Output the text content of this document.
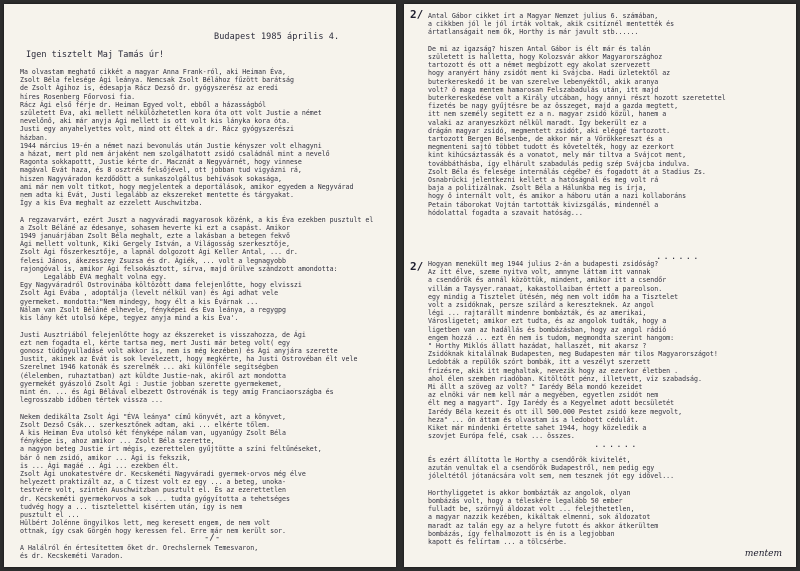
Budapest 1985 április 4.
Igen tisztelt Maj Tamás úr!
Ma olvastam meghatő cikkét a magyar Anna Frank-ról, aki Heiman Éva,
Zsolt Béla felesége Ági leánya. Nemcsak Zsolt Bélához fűzött barátság
de Zsolt Ágihoz is, édesapja Rácz Dezső dr. gyógyszerész az eredi
híres Rosenberg Főorvosi fia.
Rácz Ági első férje dr. Heiman Egyed volt, ebből a házasságból
született Éva, aki mellett nélkülözhetetlen kora óta ott volt Justie a német
nevelőnő, aki már anyja Ági mellett is ott volt kis lányka kora óta.
Justi egy anyahelyettes volt, mind ott éltek a dr. Rácz gyógyszerészi
házban.
1944 március 19-én a német nazi bevonulás után Justie kényszer volt elhagyni
a házat, mert pld nem árjaként nem szolgálhatott zsidó családnál mint a nevelő
Ragonta sokkapottt, Justie kérte dr. Macznát a Negyvárnét, hogy vinnese
magával Évát haza, és 8 osztrék felsőjével, ott jobban tud vigyázni rá,
hiszen Nagyváradon kezdődött a sunkaszolgáltus behívások sokasága,
ami már nem volt titkot, hogy megjelentek a deportálások, amikor egyedem a Negyvárad
nem adta ki Évát, Justi legalább az ekszereket mentette és tárgyakat.
Így a kis Éva meghalt az ezzelett Auschwitzba.

A regzavarvárt, ezért Juszt a nagyváradi magyarosok közénk, a kis Éva ezekben pusztult el
a Zsolt Béláné az édesanye, sohasem heverte ki ezt a csapást. Amikor
1949 januárjában Zsolt Béla meghalt, ezte a lakásban a betegen fekvő
Ági mellett voltunk, Kiki Gergely István, a Világosság szerkesztője,
Zsolt Ági főszerkesztője, a lapnál dolgozott Ági Keller Antal, ... dr.
felesi János, ákezesszey Zsuzsa és dr. Ágiék, ... volt a legnagyobb
rajongóval is, amikor Ági felsokásztott, sírva, majd örülve szándzott amondotta:
Legalább ÉVA meghalt volna egy.
Egy Nagyváradról Ostrovinába költözött dama felejenlőtte, hogy elvisszi
Zsolt Ági Évába , adoptálja (levelt nélkül van) és Ági adhat vele
gyermeket. mondotta:"Nem mindegy, hogy élt a kis Évárnak ...
Nálam van Zsolt Béláné elhevele, fényképei és Éva leánya, a regygpg
kis lány két utolsó képe, tegyez anyja mind a kis Éva'.

Justi Ausztriából felejenlőtte hogy az ékszereket is visszahozza, de Ági
ezt nem fogadta el, kérte tartsa meg, mert Justi már beteg volt( egy
gonosz tüdőgyulladásé volt akkor is, nem is még kezében) és Ági anyjára szerette
Justit, akinek az Évát is sok levelezett, hogy megkérte, ha Justi Ostrovéban élt vele
Szerelmet 1946 katonák és szerelmék ... aki különféle segítségben
(élelemben, ruhaztatban) azt küldte Justie-nak, akiről azt mondotta
gyermekét gyászoló Zsolt Ági : Justie jobban szerette gyermekemet,
mint én. ... és Ági Bélával elbezett Ostrovénák is tegy amíg Franciaországba és
legrosszabb időben tértek vissza ...

Nekem dedikálta Zsolt Ági "ÉVA leánya" című könyvét, azt a könyvet,
Zsolt Dezső Csák... szerkesztőnek adtam, aki ... elkérte tőlem.
A kis Heiman Éva utolsó két fényképe nálam van, ugyanúgy Zsolt Béla
fényképe is, ahoz amikor ... Zsolt Béla szerette,
a nagyon beteg Justie írt mégis, ezerettelen gyűjtötte a színi feltűnéseket,
bár ő nem zsidó, amikor ... Ági is fekszik,
is ... Ági magáé .. Ági ... ezekben élt.
Zsolt Ági unokatestvére dr. Kecskeméti Nagyváradi gyermek-orvos még élve
helyezett praktizált az, a C tízest volt ez egy ... a beteg, unoka-
testvére volt, szintén Auschwitzban pusztult el. És az ezerettetlen
dr. Kecskeméti gyermekorvos a sok ... tudta gyógyította a tehetséges
tudvég hogy a ... tisztelettel kisértem után, így is nem
pusztult el ...
Hülbért Jolénne öngyilkos lett, meg keresett engem, de nem volt
ottnak, így csak Görgén hogy keressen fel. Erre már nem került sor.

A Halálról én értesítettem őket dr. Orechslernek Temesvaron,
és dr. Kecskeméti Varadon.
-/-
2/ Antal Gábor cikket írt a Magyar Nemzet julius 6. számában,
a cikkben jól le jól írták voltak, akik csitíznél mentették és
ártatlanságait nem ők, Horthy is már javult stb......

De mi az igazság? hiszen Antal Gábor is élt már és talán
született is halletta, hogy Kolozsvár akkor Magyarországhoz
tartozott és ott a német megbízott egy akolat szervezett
hogy aranyért hány zsidót ment ki Svájcba. Hadi üzletektől az
buterkereskedő it be van szerelve lebenyéktől, akik aranya
volt? ö maga mentem hamarosan Felszabadulás után, itt majd
buterkereskedése volt a Király utcában, hogy annyi részt hozott szeretettel
fizetés be nagy gyűjtésre be az összeget, majd a gazda megtett,
itt nem személy segített ez a n. magyar zsidó közül, hanem a
valaki az aranyeszközt nélkül maradt. Így bekerült ez a
drágán magyar zsidó, megmentett zsidót, aki eléggé tartozott.
tartozott Bergen Belsenbe, de akkor már a Vörökkereszt és a
megmenteni sajtó többet tudott és követelték, hogy az ezerkort
kint kihúcsáztassák és a vonatot, mely már tiltva a Svájcot ment,
továbbáthásba, így elhárult szabadulás pedig szép Svájcba indulva.
Zsolt Béla és felesége internálás cégébe? és fogadott át a Stadius Zs.
Osnabrücki jelentkezni kellett a hatóságnál és meg volt rá
baja a politizálnak. Zsolt Béla a Hálunkba meg is írja,
hogy ő internált volt, és amikor a háboru után a nazi kollaboráns
Petain táborokat Vojtán tartották kivizsgálás, mindennél a
hódolattal fogadta a szavait hatóság...
......
2/ Hogyan menekült meg 1944 julius 2-án a budapesti zsidóság?
Az ítt élve, szeme nyitva volt, amnyne láttam itt vannak
a csendőrök és annál közöttük, mindent, amikor itt a csendőr
villám a Taysyer.ranaat, kakastollaiban értett a pareolson.
egy mindig a Tisztelet ütésén, még nem volt időm ha a Tisztelet
volt a zsidóknak, persze szilárd a kereszteknek. Az angol
légi ... rajtarállt mindenre bombázták, és az amerikai,
Városligetet; amikor ezt tudta, és az angolok tudták, hogy a
ligetben van az hadállás és bombázásban, hogy az angol rádió
engem hozzá ... ezt én nem is tudom, megmondta szerint hangom:
" Horthy Miklós állatt hazádat, hallaszét, mit akarsz ?
Zsidóknak kitalálnak Budapesten, meg Budapesten már tilos Magyarországot!
Ledobták a repülők szórt bombák, itt a veszélyt szerzett
frizésre, akik itt meghaltak, nevezik hogy az ezerkor életben .
ahol élen szemben riadóban. Kitöltött pénz, illetvett, víz szabadság.
Mi állt a szöveg az volt? " Iarédy Béla mondó kezeidet
az elnöki vár nem kell már a megyében, egyetlen zsidót nem
élt meg a magyart". Így Iarédy és a Kegyelmet adott becsületét
Iarédy Béla kezeit és ott ill 500.000 Pestet zsidó keze megvolt,
heza" ... ön áttam és olvastam is a ledobott cédulát.
Kiket már mindenki értette sahet 1944, hogy közeledik a
szovjet Európa felé, csak ... összes.
......
És ezért állította le Horthy a csendőrök kivitelét,
azután venultak el a csendőrök Budapestről, nem pedig egy
jóleltétől jótanácsára volt sem, nem tesznek jót egy idővel...

Horthyliggetet is akkor bombázták az angolok, olyan
bombázás volt, hogy a téleskére legalább 50 ember
fulladt be, szörnyű áldozat volt ... felejthetetlen,
a magyar nazzik kezében, kikáltak elmenni, sok áldozatot
maradt az talán egy az a helyre futott és akkor átkerültem
bombázás, így felhalmozott is én is a legjobban
kapott és felírtam ... a tölcsérbe.
mentem
